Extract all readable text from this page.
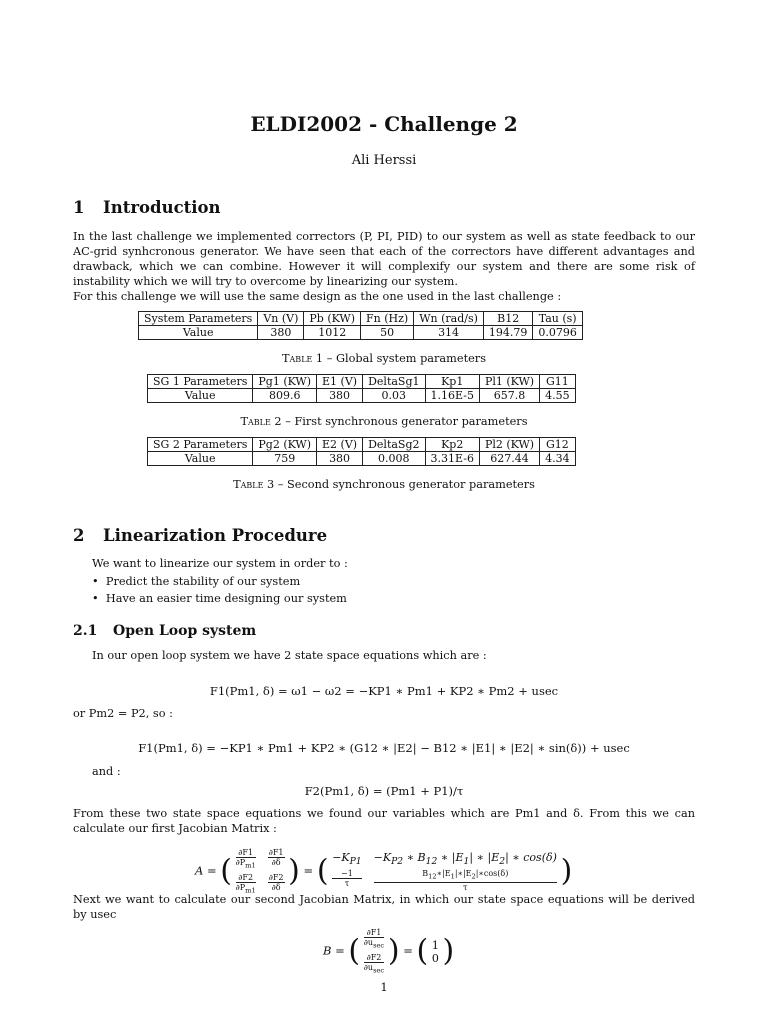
ELDI2002 - Challenge 2
Ali Herssi
1 Introduction
In the last challenge we implemented correctors (P, PI, PID) to our system as well as state feedback to our AC-grid synhcronous generator. We have seen that each of the correctors have different advantages and drawback, which we can combine. However it will complexify our system and there are some risk of instability which we will try to overcome by linearizing our system.
For this challenge we will use the same design as the one used in the last challenge :
System Parameters	Vn (V)	Pb (KW)	Fn (Hz)	Wn (rad/s)	B12	Tau (s)
Value	380	1012	50	314	194.79	0.0796
Table 1 – Global system parameters
SG 1 Parameters	Pg1 (KW)	E1 (V)	DeltaSg1	Kp1	Pl1 (KW)	G11
Value	809.6	380	0.03	1.16E-5	657.8	4.55
Table 2 – First synchronous generator parameters
SG 2 Parameters	Pg2 (KW)	E2 (V)	DeltaSg2	Kp2	Pl2 (KW)	G12
Value	759	380	0.008	3.31E-6	627.44	4.34
Table 3 – Second synchronous generator parameters
2 Linearization Procedure
We want to linearize our system in order to :
•  Predict the stability of our system
•  Have an easier time designing our system
2.1 Open Loop system
In our open loop system we have 2 state space equations which are :
F1(Pm1, δ) = ω1 − ω2 = −KP1 ∗ Pm1 + KP2 ∗ Pm2 + usec
or Pm2 = P2, so :
F1(Pm1, δ) = −KP1 ∗ Pm1 + KP2 ∗ (G12 ∗ |E2| − B12 ∗ |E1| ∗ |E2| ∗ sin(δ)) + usec
and :
F2(Pm1, δ) = (Pm1 + P1)/τ
From these two state space equations we found our variables which are Pm1 and δ. From this we can calculate our first Jacobian Matrix :
A = ( $\frac{\partial F1}{\partial P_{m1}} \frac{\partial F1}{\partial\delta}$
$\frac{\partial F2}{\partial P_{m1}} \frac{\partial F2}{\partial\delta}$ ) = ( $-K_{P1} -K_{P2}$ ∗ $B_{12}$ ∗ $|E_1|$ ∗ $|E_2|$ ∗ cos(δ)
$\frac{-1}{\tau} \frac{B_{12}∗|E_1|∗|E_2|∗\cos(\delta)}{\tau}$ )
Next we want to calculate our second Jacobian Matrix, in which our state space equations will be derived by usec
B = ( $\frac{\partial F1}{\partial u_{sec}}$
$\frac{\partial F2}{\partial u_{sec}}$ ) = ( 1
0 )
1
